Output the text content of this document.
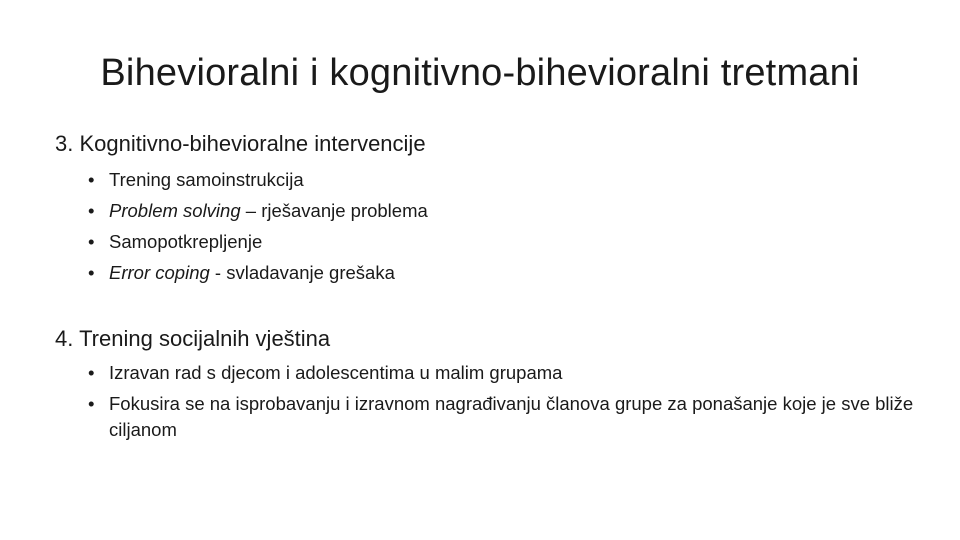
Bihevioralni i kognitivno-bihevioralni tretmani
3. Kognitivno-bihevioralne intervencije
• Trening samoinstrukcija
• Problem solving – rješavanje problema
• Samopotkrepljenje
• Error coping - svladavanje grešaka
4. Trening socijalnih vještina
• Izravan rad s djecom i adolescentima u malim grupama
• Fokusira se na isprobavanju i izravnom nagrađivanju članova grupe za ponašanje koje je sve bliže ciljanom
